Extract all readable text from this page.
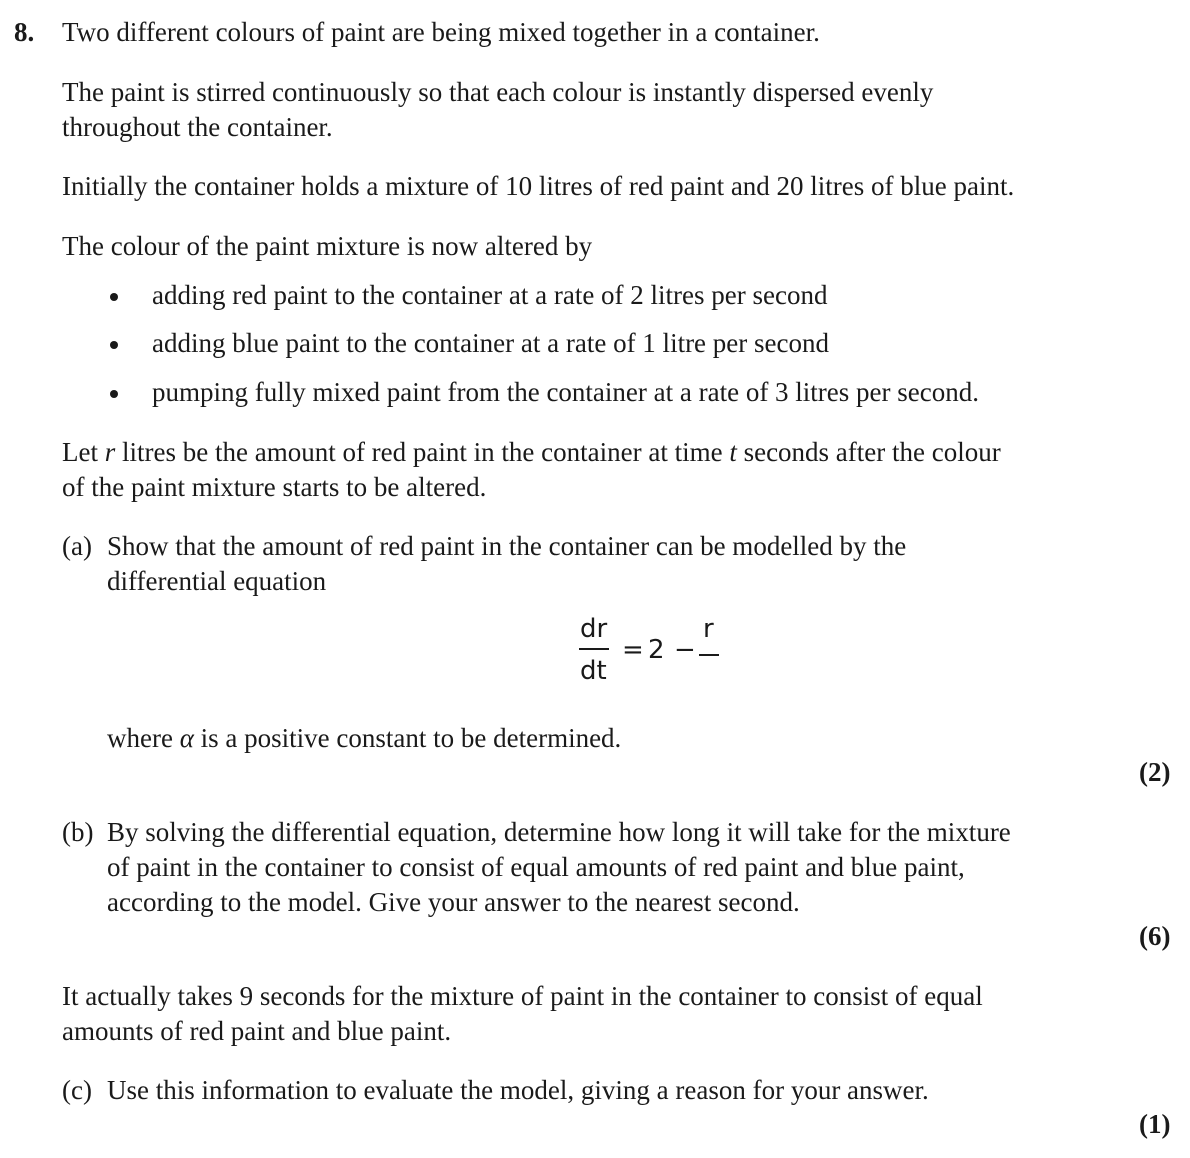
8. Two different colours of paint are being mixed together in a container.
The paint is stirred continuously so that each colour is instantly dispersed evenly
throughout the container.
Initially the container holds a mixture of 10 litres of red paint and 20 litres of blue paint.
The colour of the paint mixture is now altered by
adding red paint to the container at a rate of 2 litres per second
adding blue paint to the container at a rate of 1 litre per second
pumping fully mixed paint from the container at a rate of 3 litres per second.
Let r litres be the amount of red paint in the container at time t seconds after the colour
of the paint mixture starts to be altered.
(a) Show that the amount of red paint in the container can be modelled by the
differential equation
dr
dt
= 2 −
r
where α is a positive constant to be determined.
(2)
(b) By solving the differential equation, determine how long it will take for the mixture
of paint in the container to consist of equal amounts of red paint and blue paint,
according to the model. Give your answer to the nearest second.
(6)
It actually takes 9 seconds for the mixture of paint in the container to consist of equal
amounts of red paint and blue paint.
(c) Use this information to evaluate the model, giving a reason for your answer.
(1)
